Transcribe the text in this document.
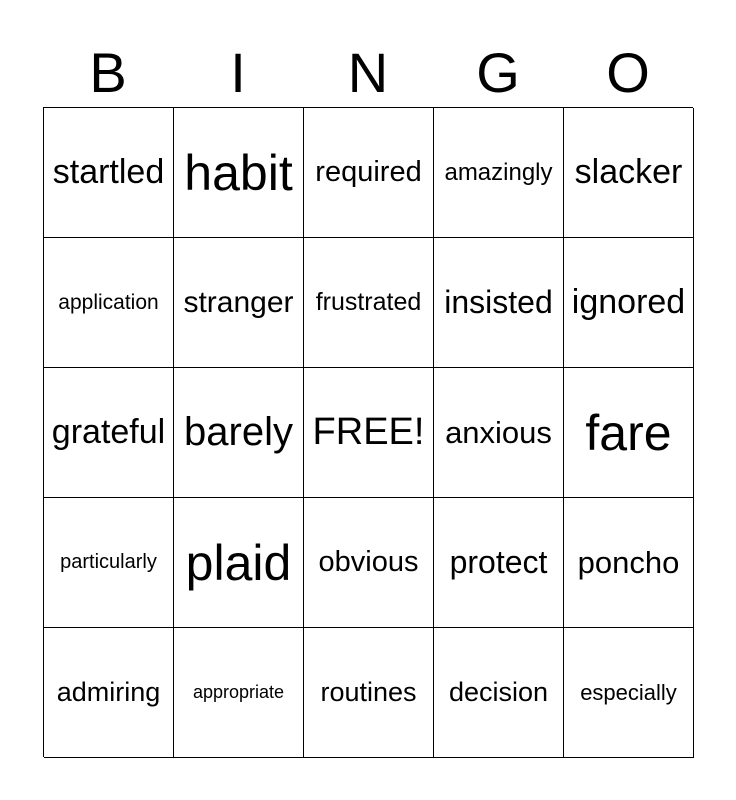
B	I	N	G	O
startled habit required amazingly slacker
application stranger frustrated insisted ignored
grateful barely FREE! anxious fare
particularly plaid obvious protect poncho
admiring	appropriate	routines	decision	especially
